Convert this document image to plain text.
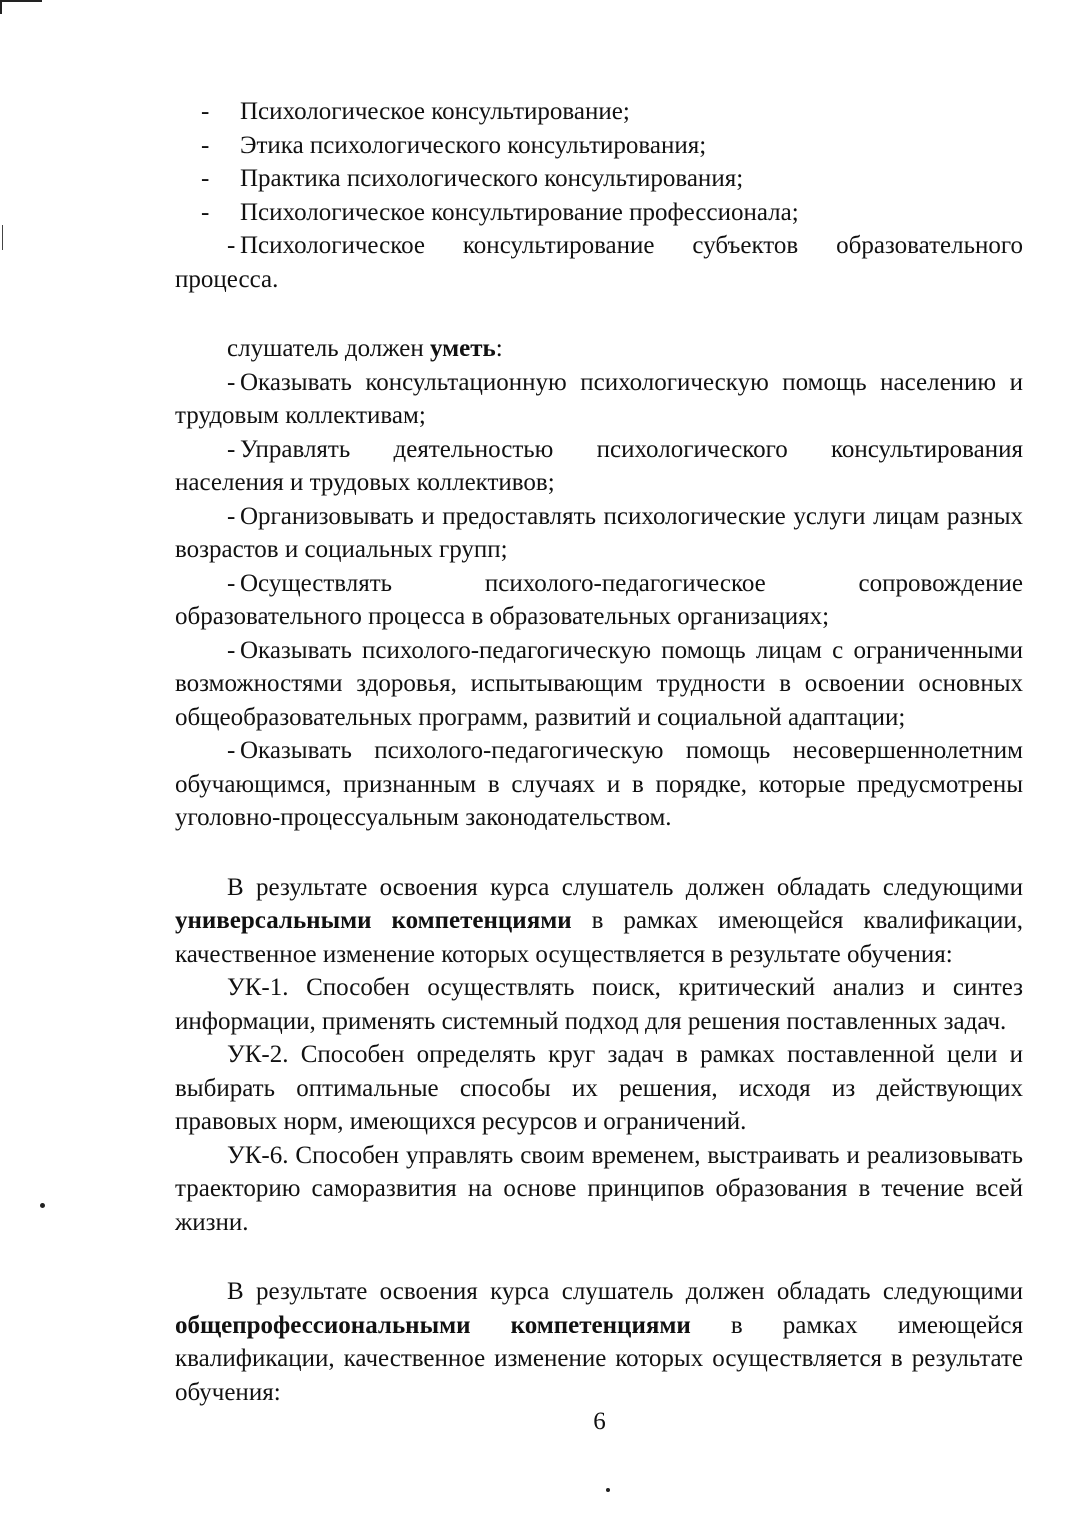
- Психологическое консультирование;

- Этика психологического консультирования;

- Практика психологического консультирования;

- Психологическое консультирование профессионала;

- Психологическое консультирование субъектов образовательного процесса.

слушатель должен уметь:

- Оказывать консультационную психологическую помощь населению и трудовым коллективам;

- Управлять деятельностью психологического консультирования населения и трудовых коллективов;

- Организовывать и предоставлять психологические услуги лицам разных возрастов и социальных групп;

- Осуществлять психолого-педагогическое сопровождение образовательного процесса в образовательных организациях;

- Оказывать психолого-педагогическую помощь лицам с ограниченными возможностями здоровья, испытывающим трудности в освоении основных общеобразовательных программ, развитий и социальной адаптации;

- Оказывать психолого-педагогическую помощь несовершеннолетним обучающимся, признанным в случаях и в порядке, которые предусмотрены уголовно-процессуальным законодательством.

В результате освоения курса слушатель должен обладать следующими универсальными компетенциями в рамках имеющейся квалификации, качественное изменение которых осуществляется в результате обучения:

УК-1. Способен осуществлять поиск, критический анализ и синтез информации, применять системный подход для решения поставленных задач.

УК-2. Способен определять круг задач в рамках поставленной цели и выбирать оптимальные способы их решения, исходя из действующих правовых норм, имеющихся ресурсов и ограничений.

УК-6. Способен управлять своим временем, выстраивать и реализовывать траекторию саморазвития на основе принципов образования в течение всей жизни.

В результате освоения курса слушатель должен обладать следующими общепрофессиональными компетенциями в рамках имеющейся квалификации, качественное изменение которых осуществляется в результате обучения:

6
